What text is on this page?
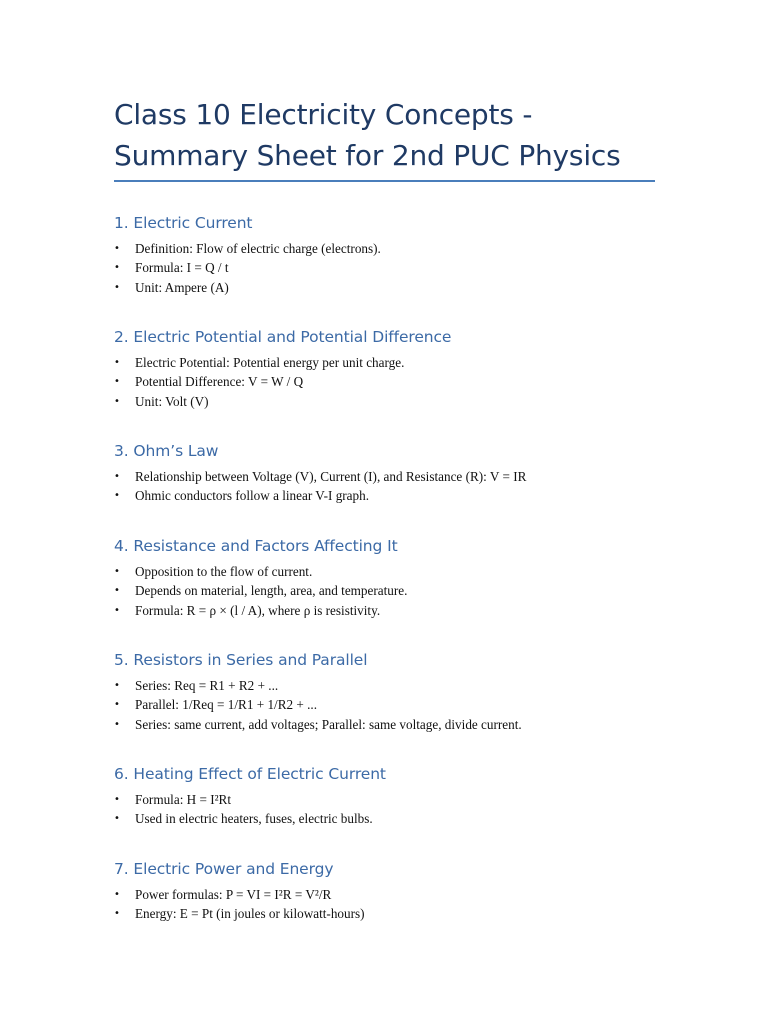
Class 10 Electricity Concepts - Summary Sheet for 2nd PUC Physics
1. Electric Current
• Definition: Flow of electric charge (electrons).
• Formula: I = Q / t
• Unit: Ampere (A)
2. Electric Potential and Potential Difference
• Electric Potential: Potential energy per unit charge.
• Potential Difference: V = W / Q
• Unit: Volt (V)
3. Ohm’s Law
• Relationship between Voltage (V), Current (I), and Resistance (R): V = IR
• Ohmic conductors follow a linear V-I graph.
4. Resistance and Factors Affecting It
• Opposition to the flow of current.
• Depends on material, length, area, and temperature.
• Formula: R = ρ × (l / A), where ρ is resistivity.
5. Resistors in Series and Parallel
• Series: Req = R1 + R2 + ...
• Parallel: 1/Req = 1/R1 + 1/R2 + ...
• Series: same current, add voltages; Parallel: same voltage, divide current.
6. Heating Effect of Electric Current
• Formula: H = I²Rt
• Used in electric heaters, fuses, electric bulbs.
7. Electric Power and Energy
• Power formulas: P = VI = I²R = V²/R
• Energy: E = Pt (in joules or kilowatt-hours)
